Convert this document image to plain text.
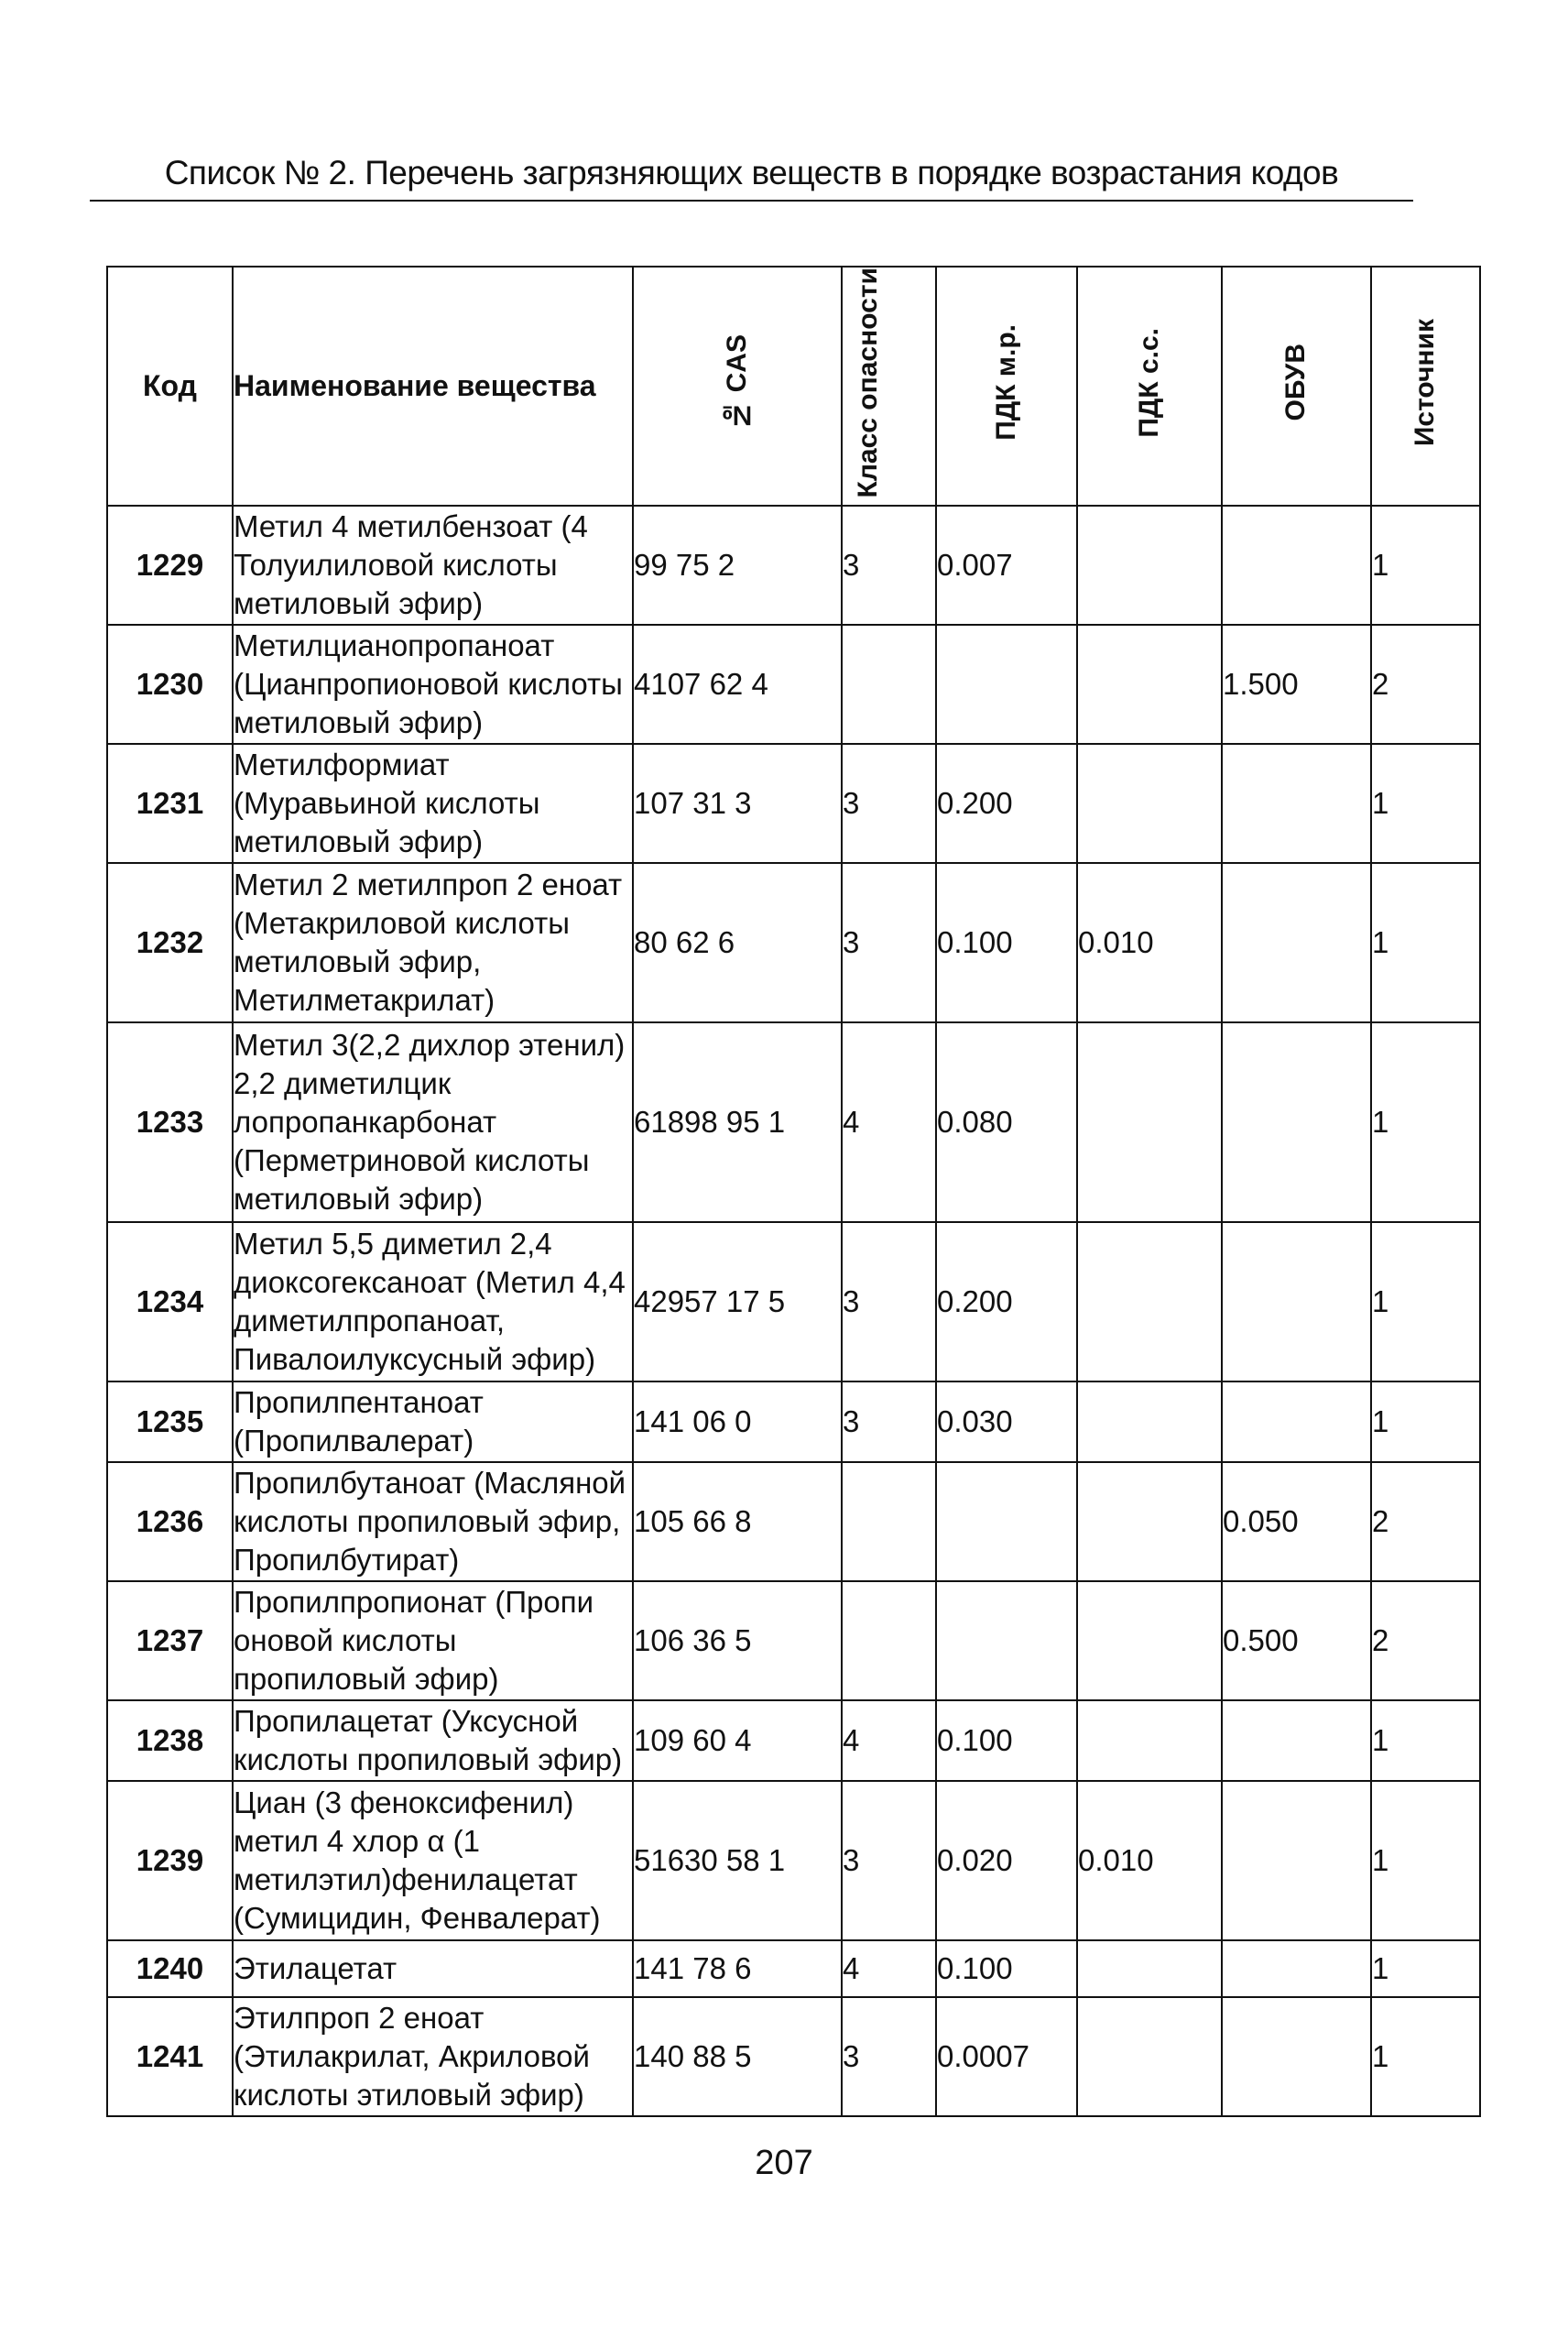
Список № 2. Перечень загрязняющих веществ в порядке возрастания кодов
Код	Наименование вещества	№ CAS	Класс опасности	ПДК м.р.	ПДК с.с.	ОБУВ	Источник
1229	Метил 4 метилбензоат (4 Толуилиловой кислоты метиловый эфир)	99 75 2	3	0.007			1
1230	Метилцианопропаноат (Цианпропионовой кислоты метиловый эфир)	4107 62 4				1.500	2
1231	Метилформиат (Муравьиной кислоты метиловый эфир)	107 31 3	3	0.200			1
1232	Метил 2 метилпроп 2 еноат (Метакриловой кислоты метиловый эфир, Метилметакрилат)	80 62 6	3	0.100	0.010		1
1233	Метил 3(2,2 дихлор этенил) 2,2 диметилцик лопропанкарбонат (Перметриновой кислоты метиловый эфир)	61898 95 1	4	0.080			1
1234	Метил 5,5 диметил 2,4 диоксогексаноат (Метил 4,4 диметилпропаноат, Пивалоилуксусный эфир)	42957 17 5	3	0.200			1
1235	Пропилпентаноат (Пропилвалерат)	141 06 0	3	0.030			1
1236	Пропилбутаноат (Масляной кислоты пропиловый эфир, Пропилбутират)	105 66 8				0.050	2
1237	Пропилпропионат (Пропи оновой кислоты пропиловый эфир)	106 36 5				0.500	2
1238	Пропилацетат (Уксусной кислоты пропиловый эфир)	109 60 4	4	0.100			1
1239	Циан (3 феноксифенил) метил 4 хлор α (1 метилэтил)фенилацетат (Сумицидин, Фенвалерат)	51630 58 1	3	0.020	0.010		1
1240	Этилацетат	141 78 6	4	0.100			1
1241	Этилпроп 2 еноат (Этилакрилат, Акриловой кислоты этиловый эфир)	140 88 5	3	0.0007			1
207
